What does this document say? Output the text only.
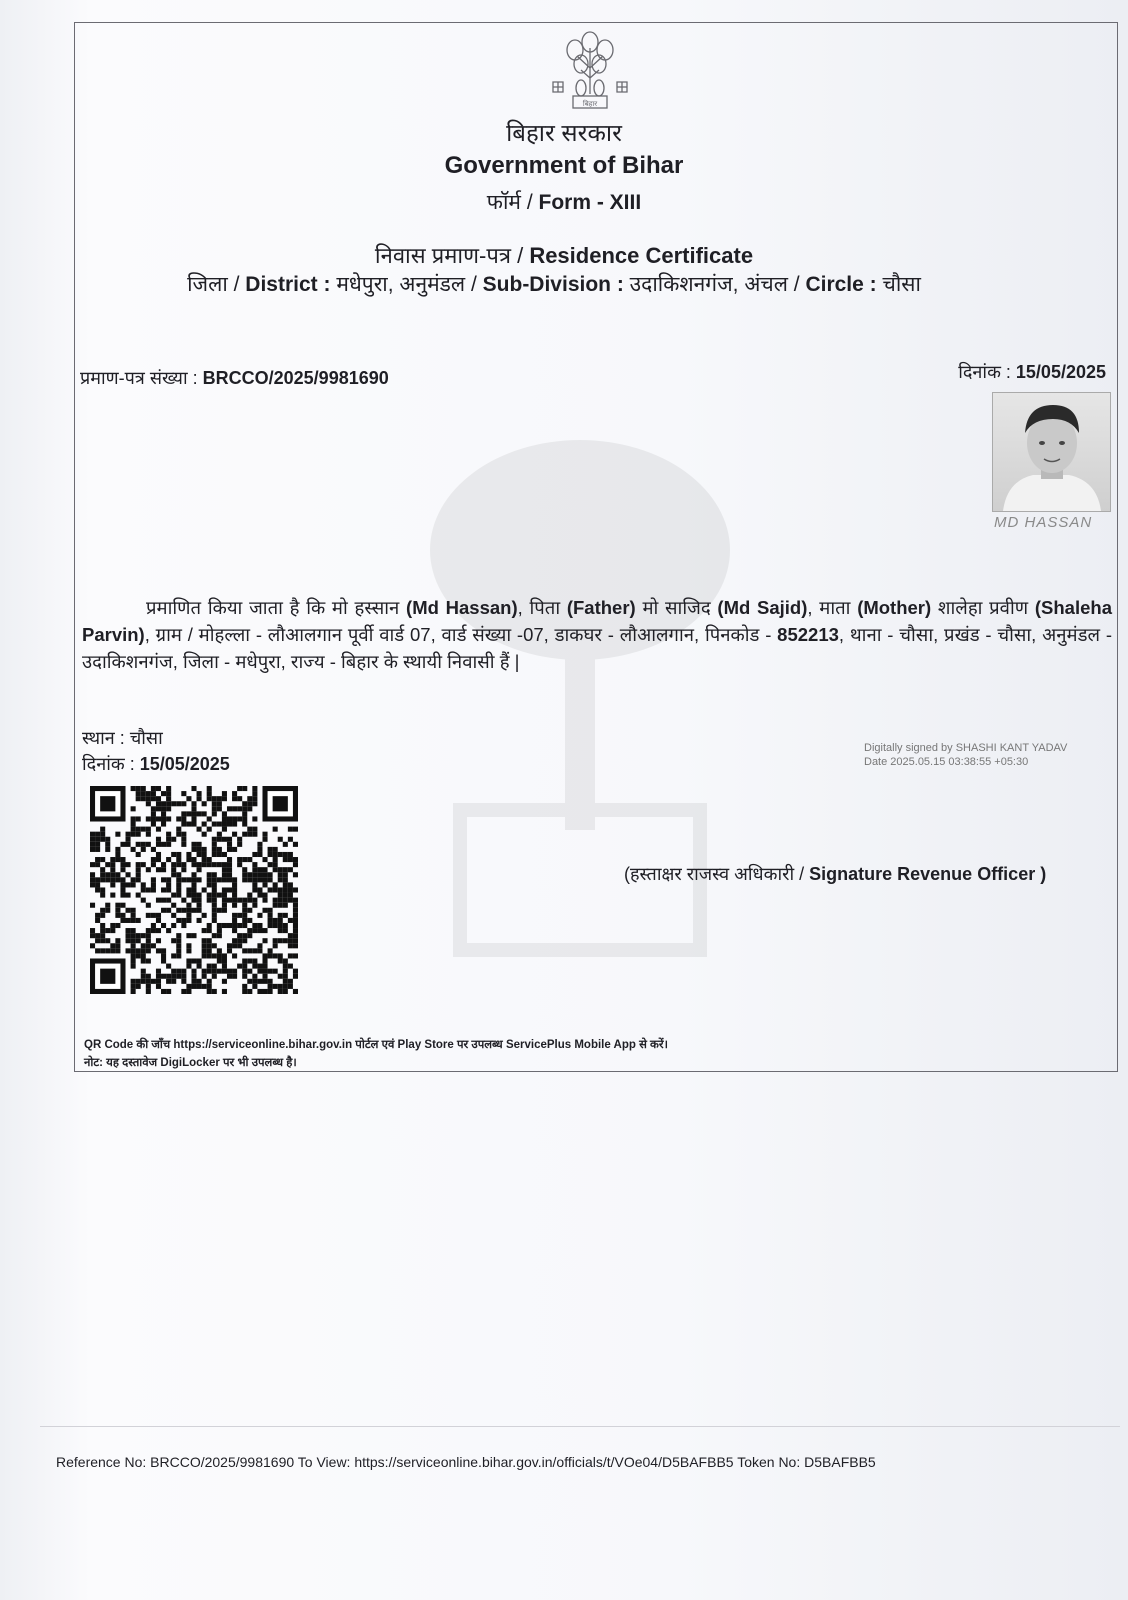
बिहार
बिहार सरकार
Government of Bihar
फॉर्म / Form - XIII
निवास प्रमाण-पत्र / Residence Certificate
जिला / District : मधेपुरा, अनुमंडल / Sub-Division : उदाकिशनगंज, अंचल / Circle : चौसा
प्रमाण-पत्र संख्या : BRCCO/2025/9981690	दिनांक : 15/05/2025
MD HASSAN
प्रमाणित किया जाता है कि मो हस्सान (Md Hassan), पिता (Father) मो साजिद (Md Sajid), माता (Mother) शालेहा प्रवीण (Shaleha Parvin), ग्राम / मोहल्ला - लौआलगान पूर्वी वार्ड 07, वार्ड संख्या -07, डाकघर - लौआलगान, पिनकोड - 852213, थाना - चौसा, प्रखंड - चौसा, अनुमंडल - उदाकिशनगंज, जिला - मधेपुरा, राज्य - बिहार के स्थायी निवासी हैं |
स्थान : चौसा
दिनांक : 15/05/2025
Digitally signed by SHASHI KANT YADAV
Date 2025.05.15 03:38:55 +05:30
(हस्ताक्षर राजस्व अधिकारी / Signature Revenue Officer )
QR Code की जाँच https://serviceonline.bihar.gov.in पोर्टल एवं Play Store पर उपलब्ध ServicePlus Mobile App से करें।
नोट: यह दस्तावेज DigiLocker पर भी उपलब्ध है।
Reference No: BRCCO/2025/9981690 To View: https://serviceonline.bihar.gov.in/officials/t/VOe04/D5BAFBB5 Token No: D5BAFBB5
